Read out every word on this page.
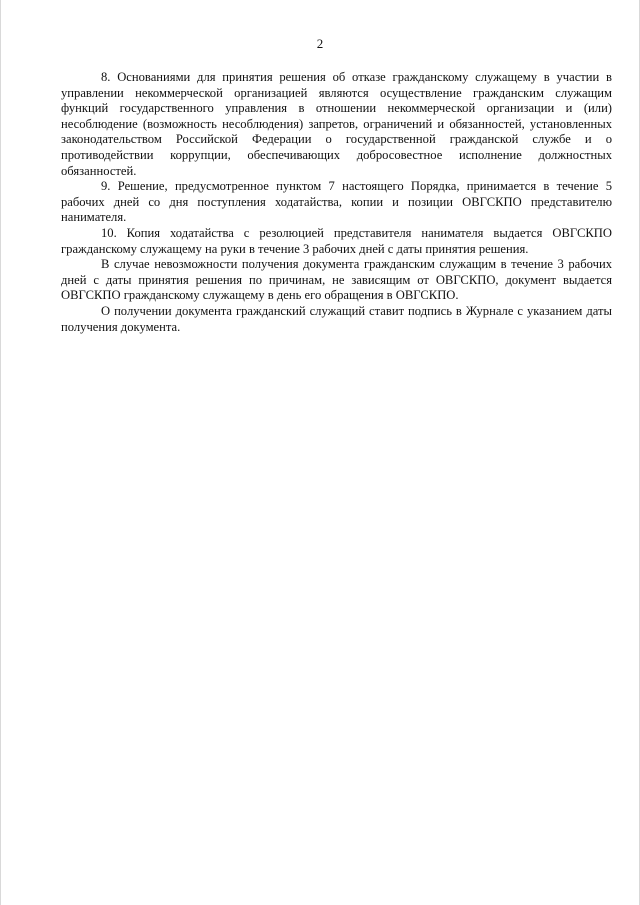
2

8. Основаниями для принятия решения об отказе гражданскому служащему в участии в управлении некоммерческой организацией являются осуществление гражданским служащим функций государственного управления в отношении некоммерческой организации и (или) несоблюдение (возможность несоблюдения) запретов, ограничений и обязанностей, установленных законодательством Российской Федерации о государственной гражданской службе и о противодействии коррупции, обеспечивающих добросовестное исполнение должностных обязанностей.

9. Решение, предусмотренное пунктом 7 настоящего Порядка, принимается в течение 5 рабочих дней со дня поступления ходатайства, копии и позиции ОВГСКПО представителю нанимателя.

10. Копия ходатайства с резолюцией представителя нанимателя выдается ОВГСКПО гражданскому служащему на руки в течение 3 рабочих дней с даты принятия решения.

В случае невозможности получения документа гражданским служащим в течение 3 рабочих дней с даты принятия решения по причинам, не зависящим от ОВГСКПО, документ выдается ОВГСКПО гражданскому служащему в день его обращения в ОВГСКПО.

О получении документа гражданский служащий ставит подпись в Журнале с указанием даты получения документа.
